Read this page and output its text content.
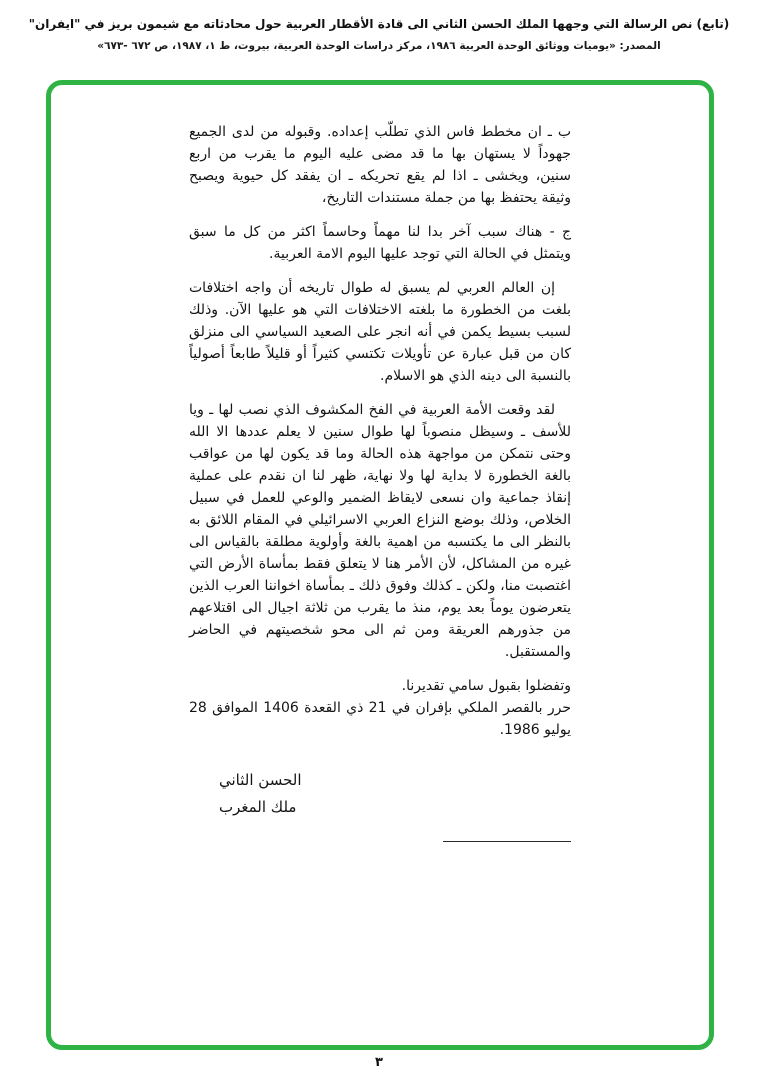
(تابع) نص الرسالة التي وجهها الملك الحسن الثاني الى قادة الأقطار العربية حول محادثاته مع شيمون بريز في "ايفران"
المصدر: «يوميات ووثائق الوحدة العربية ١٩٨٦، مركز دراسات الوحدة العربية، بيروت، ط ١، ١٩٨٧، ص ٦٧٢ -٦٧٣»

ب ـ ان مخطط فاس الذي تطلّب إعداده. وقبوله من لدى الجميع جهوداً لا يستهان بها ما قد مضى عليه اليوم ما يقرب من اربع سنين، ويخشى ـ اذا لم يقع تحريكه ـ ان يفقد كل حيوية ويصبح وثيقة يحتفظ بها من جملة مستندات التاريخ،

ج - هناك سبب آخر بدا لنا مهماً وحاسماً اكثر من كل ما سبق ويتمثل في الحالة التي توجد عليها اليوم الامة العربية.

إن العالم العربي لم يسبق له طوال تاريخه أن واجه اختلافات بلغت من الخطورة ما بلغته الاختلافات التي هو عليها الآن. وذلك لسبب بسيط يكمن في أنه انجر على الصعيد السياسي الى منزلق كان من قبل عبارة عن تأويلات تكتسي كثيراً أو قليلاً طابعاً أصولياً بالنسبة الى دينه الذي هو الاسلام.

لقد وقعت الأمة العربية في الفخ المكشوف الذي نصب لها ـ ويا للأسف ـ وسيظل منصوباً لها طوال سنين لا يعلم عددها الا الله وحتى نتمكن من مواجهة هذه الحالة وما قد يكون لها من عواقب بالغة الخطورة لا بداية لها ولا نهاية، ظهر لنا ان نقدم على عملية إنقاذ جماعية وان نسعى لايقاظ الضمير والوعي للعمل في سبيل الخلاص، وذلك بوضع النزاع العربي الاسرائيلي في المقام اللائق به بالنظر الى ما يكتسبه من اهمية بالغة وأولوية مطلقة بالقياس الى غيره من المشاكل، لأن الأمر هنا لا يتعلق فقط بمأساة الأرض التي اغتصبت منا، ولكن ـ كذلك وفوق ذلك ـ بمأساة اخواننا العرب الذين يتعرضون يوماً بعد يوم، منذ ما يقرب من ثلاثة اجيال الى اقتلاعهم من جذورهم العريقة ومن ثم الى محو شخصيتهم في الحاضر والمستقبل.

وتفضلوا بقبول سامي تقديرنا.

حرر بالقصر الملكي بإفران في 21 ذي القعدة 1406 الموافق 28 يوليو 1986.

الحسن الثاني
ملك المغرب
٣
